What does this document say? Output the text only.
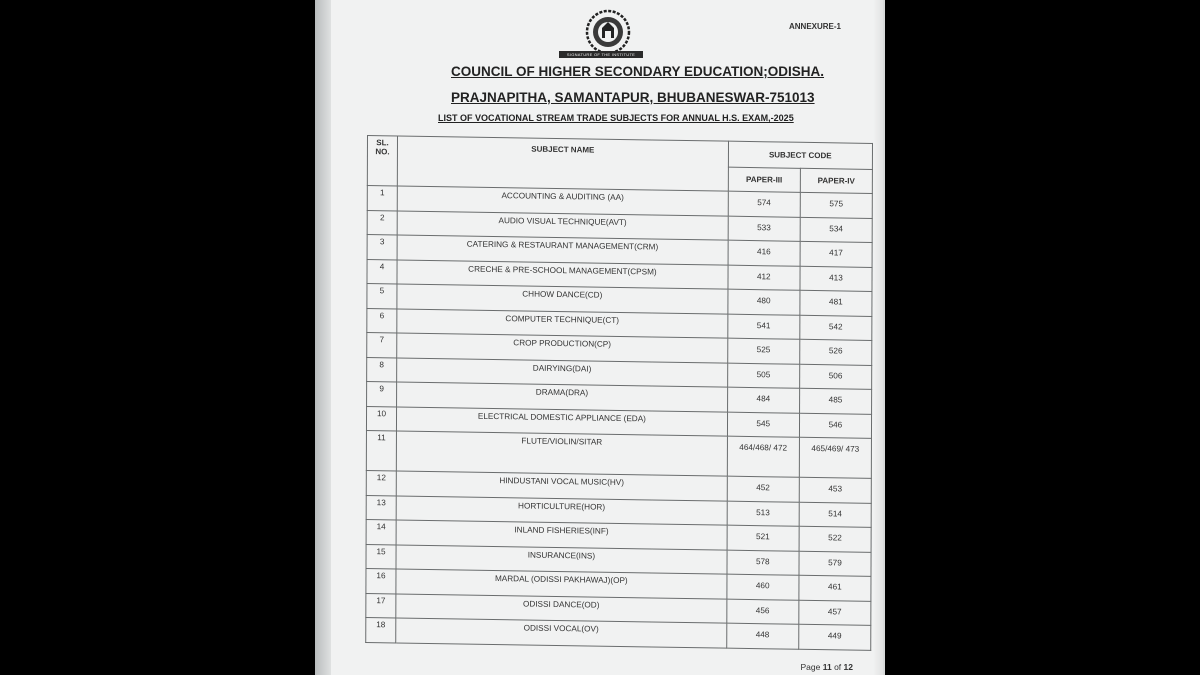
ANNEXURE-1
SIGNATURE OF THE INSTITUTE
COUNCIL OF HIGHER SECONDARY EDUCATION;ODISHA.
PRAJNAPITHA, SAMANTAPUR, BHUBANESWAR-751013
LIST OF VOCATIONAL STREAM TRADE SUBJECTS FOR ANNUAL H.S. EXAM,-2025
SL. NO.	SUBJECT NAME	SUBJECT CODE	
		PAPER-III	PAPER-IV
1	ACCOUNTING & AUDITING (AA)	574	575
2	AUDIO VISUAL TECHNIQUE(AVT)	533	534
3	CATERING & RESTAURANT MANAGEMENT(CRM)	416	417
4	CRECHE & PRE-SCHOOL MANAGEMENT(CPSM)	412	413
5	CHHOW DANCE(CD)	480	481
6	COMPUTER TECHNIQUE(CT)	541	542
7	CROP PRODUCTION(CP)	525	526
8	DAIRYING(DAI)	505	506
9	DRAMA(DRA)	484	485
10	ELECTRICAL DOMESTIC APPLIANCE (EDA)	545	546
11	FLUTE/VIOLIN/SITAR	464/468/ 472	465/469/ 473
12	HINDUSTANI VOCAL MUSIC(HV)	452	453
13	HORTICULTURE(HOR)	513	514
14	INLAND FISHERIES(INF)	521	522
15	INSURANCE(INS)	578	579
16	MARDAL (ODISSI PAKHAWAJ)(OP)	460	461
17	ODISSI DANCE(OD)	456	457
18	ODISSI VOCAL(OV)	448	449
Page 11 of 12
